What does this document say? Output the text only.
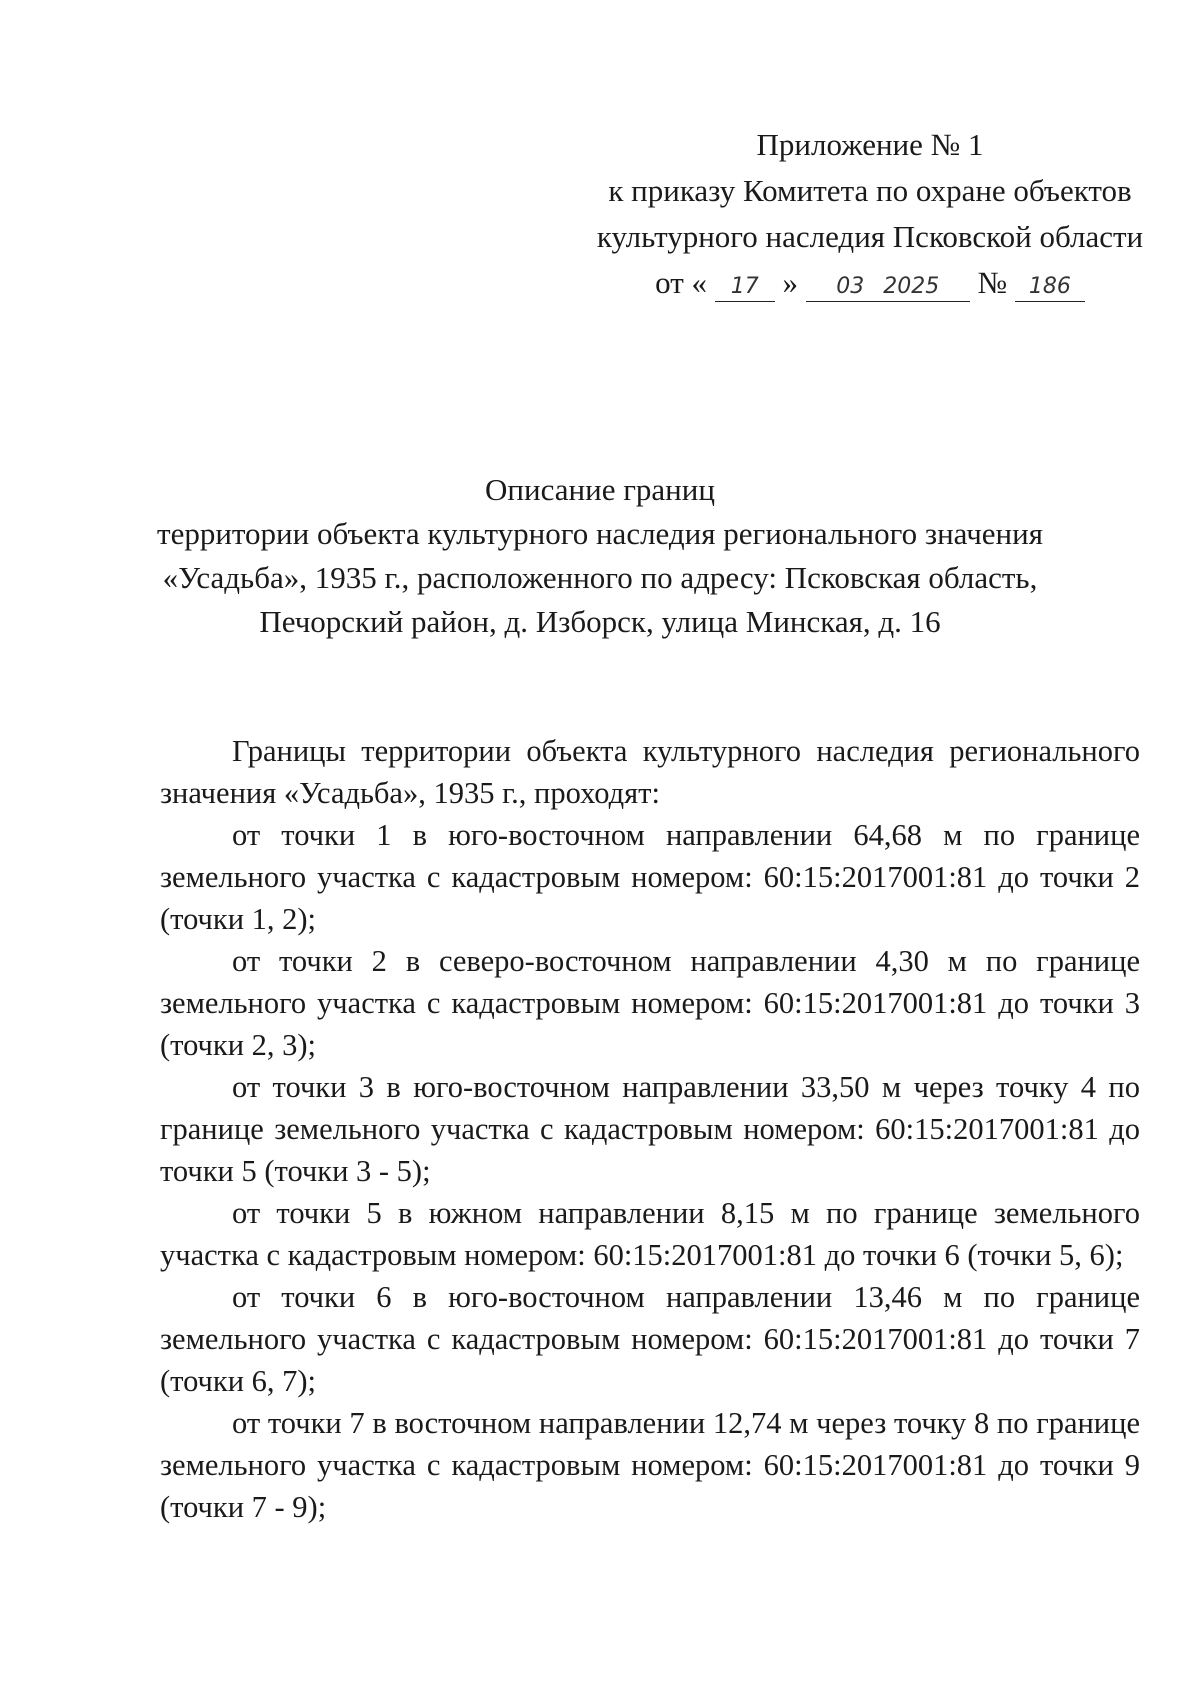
Приложение № 1
к приказу Комитета по охране объектов
культурного наследия Псковской области
от « 17 » 03 2025 № 186
Описание границ
территории объекта культурного наследия регионального значения
«Усадьба», 1935 г., расположенного по адресу: Псковская область,
Печорский район, д. Изборск, улица Минская, д. 16

Границы территории объекта культурного наследия регионального значения «Усадьба», 1935 г., проходят:

от точки 1 в юго-восточном направлении 64,68 м по границе земельного участка с кадастровым номером: 60:15:2017001:81 до точки 2 (точки 1, 2);

от точки 2 в северо-восточном направлении 4,30 м по границе земельного участка с кадастровым номером: 60:15:2017001:81 до точки 3 (точки 2, 3);

от точки 3 в юго-восточном направлении 33,50 м через точку 4 по границе земельного участка с кадастровым номером: 60:15:2017001:81 до точки 5 (точки 3 - 5);

от точки 5 в южном направлении 8,15 м по границе земельного участка с кадастровым номером: 60:15:2017001:81 до точки 6 (точки 5, 6);

от точки 6 в юго-восточном направлении 13,46 м по границе земельного участка с кадастровым номером: 60:15:2017001:81 до точки 7 (точки 6, 7);

от точки 7 в восточном направлении 12,74 м через точку 8 по границе земельного участка с кадастровым номером: 60:15:2017001:81 до точки 9 (точки 7 - 9);
